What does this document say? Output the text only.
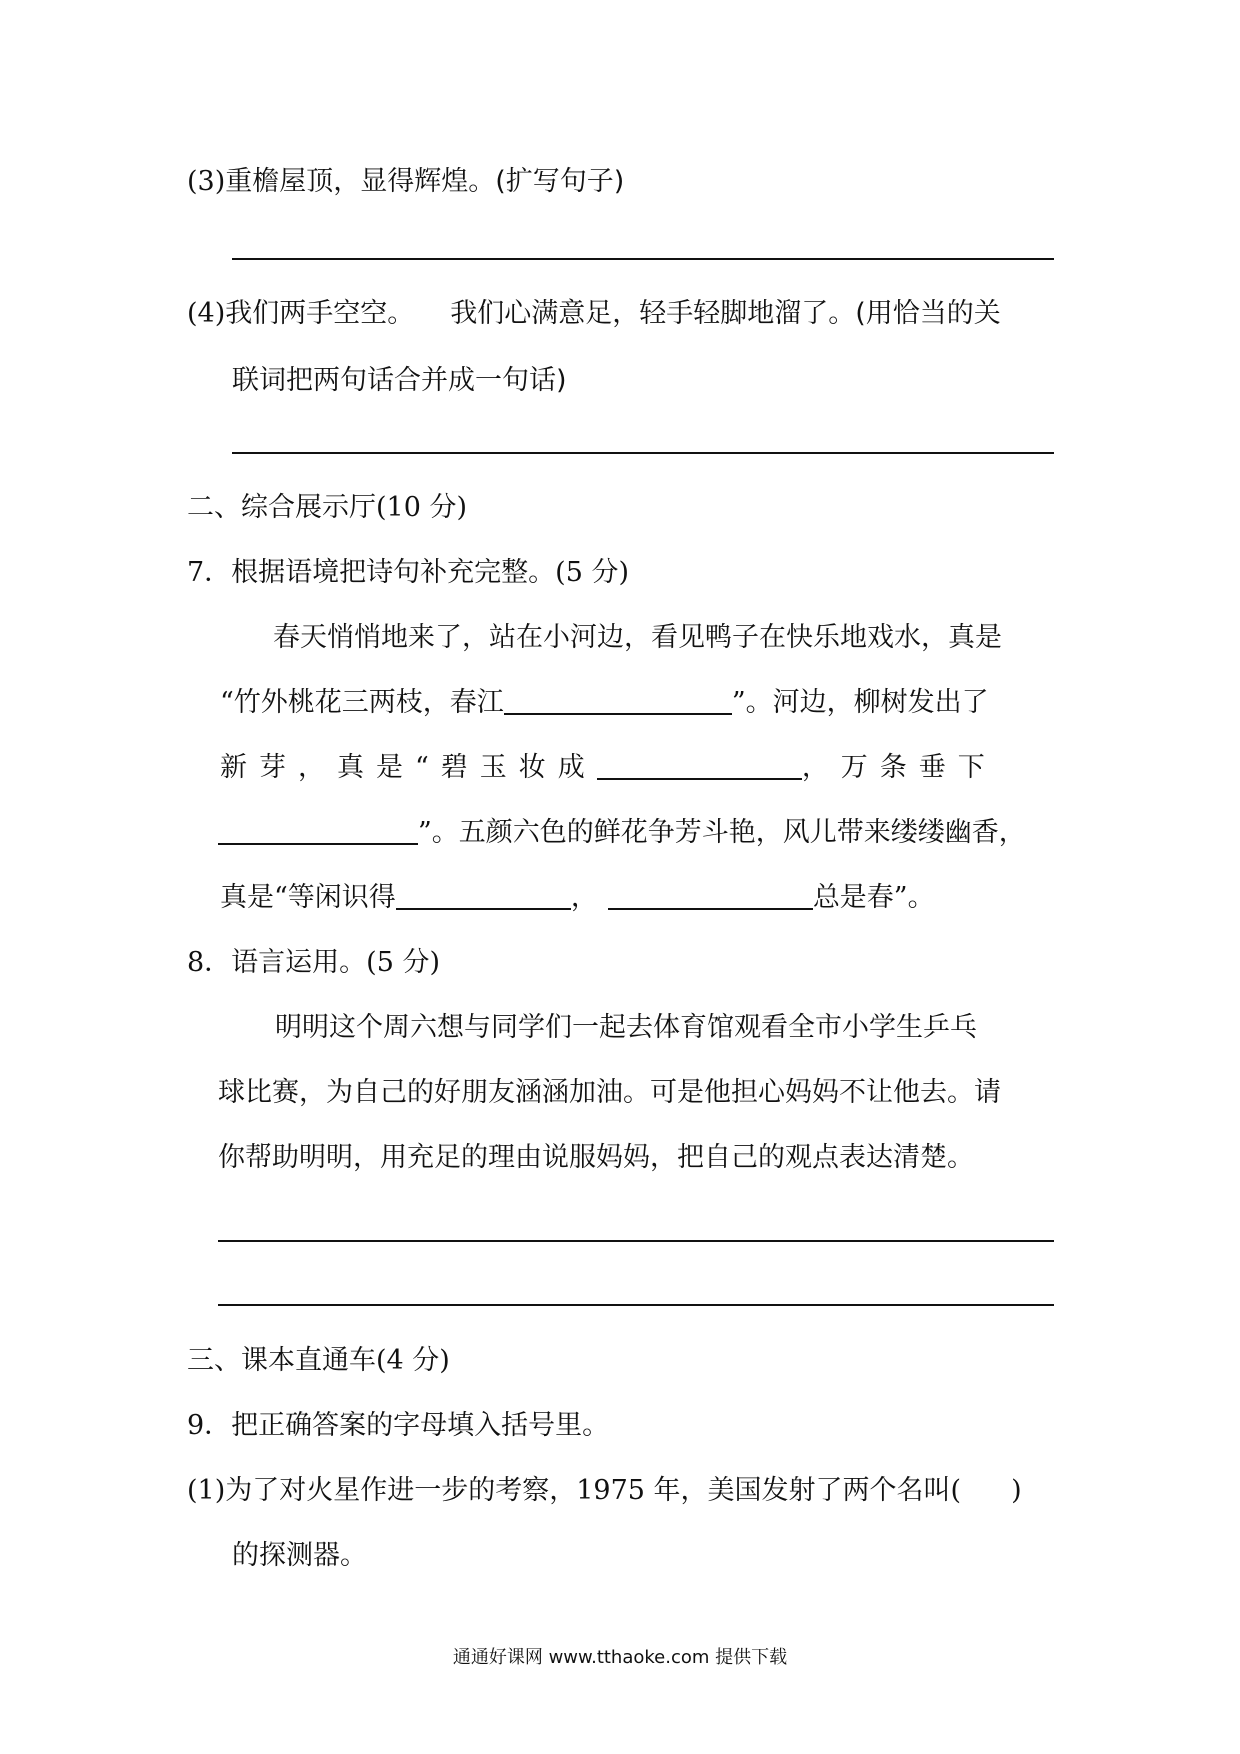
(3)重檐屋顶，显得辉煌。(扩写句子)
(4)我们两手空空。 我们心满意足，轻手轻脚地溜了。(用恰当的关
联词把两句话合并成一句话)
二、综合展示厅(10 分)
7．根据语境把诗句补充完整。(5 分)
春天悄悄地来了，站在小河边，看见鸭子在快乐地戏水，真是
“竹外桃花三两枝，春江	”。河边，柳树发出了
新芽，真是“碧玉妆成	，万条垂下
”。五颜六色的鲜花争芳斗艳，风儿带来缕缕幽香，
真是“等闲识得	，	总是春”。
8．语言运用。(5 分)
明明这个周六想与同学们一起去体育馆观看全市小学生乒乓
球比赛，为自己的好朋友涵涵加油。可是他担心妈妈不让他去。请
你帮助明明，用充足的理由说服妈妈，把自己的观点表达清楚。
三、课本直通车(4 分)
9．把正确答案的字母填入括号里。
(1)为了对火星作进一步的考察，1975 年，美国发射了两个名叫( )
的探测器。
通通好课网 www.tthaoke.com 提供下载
